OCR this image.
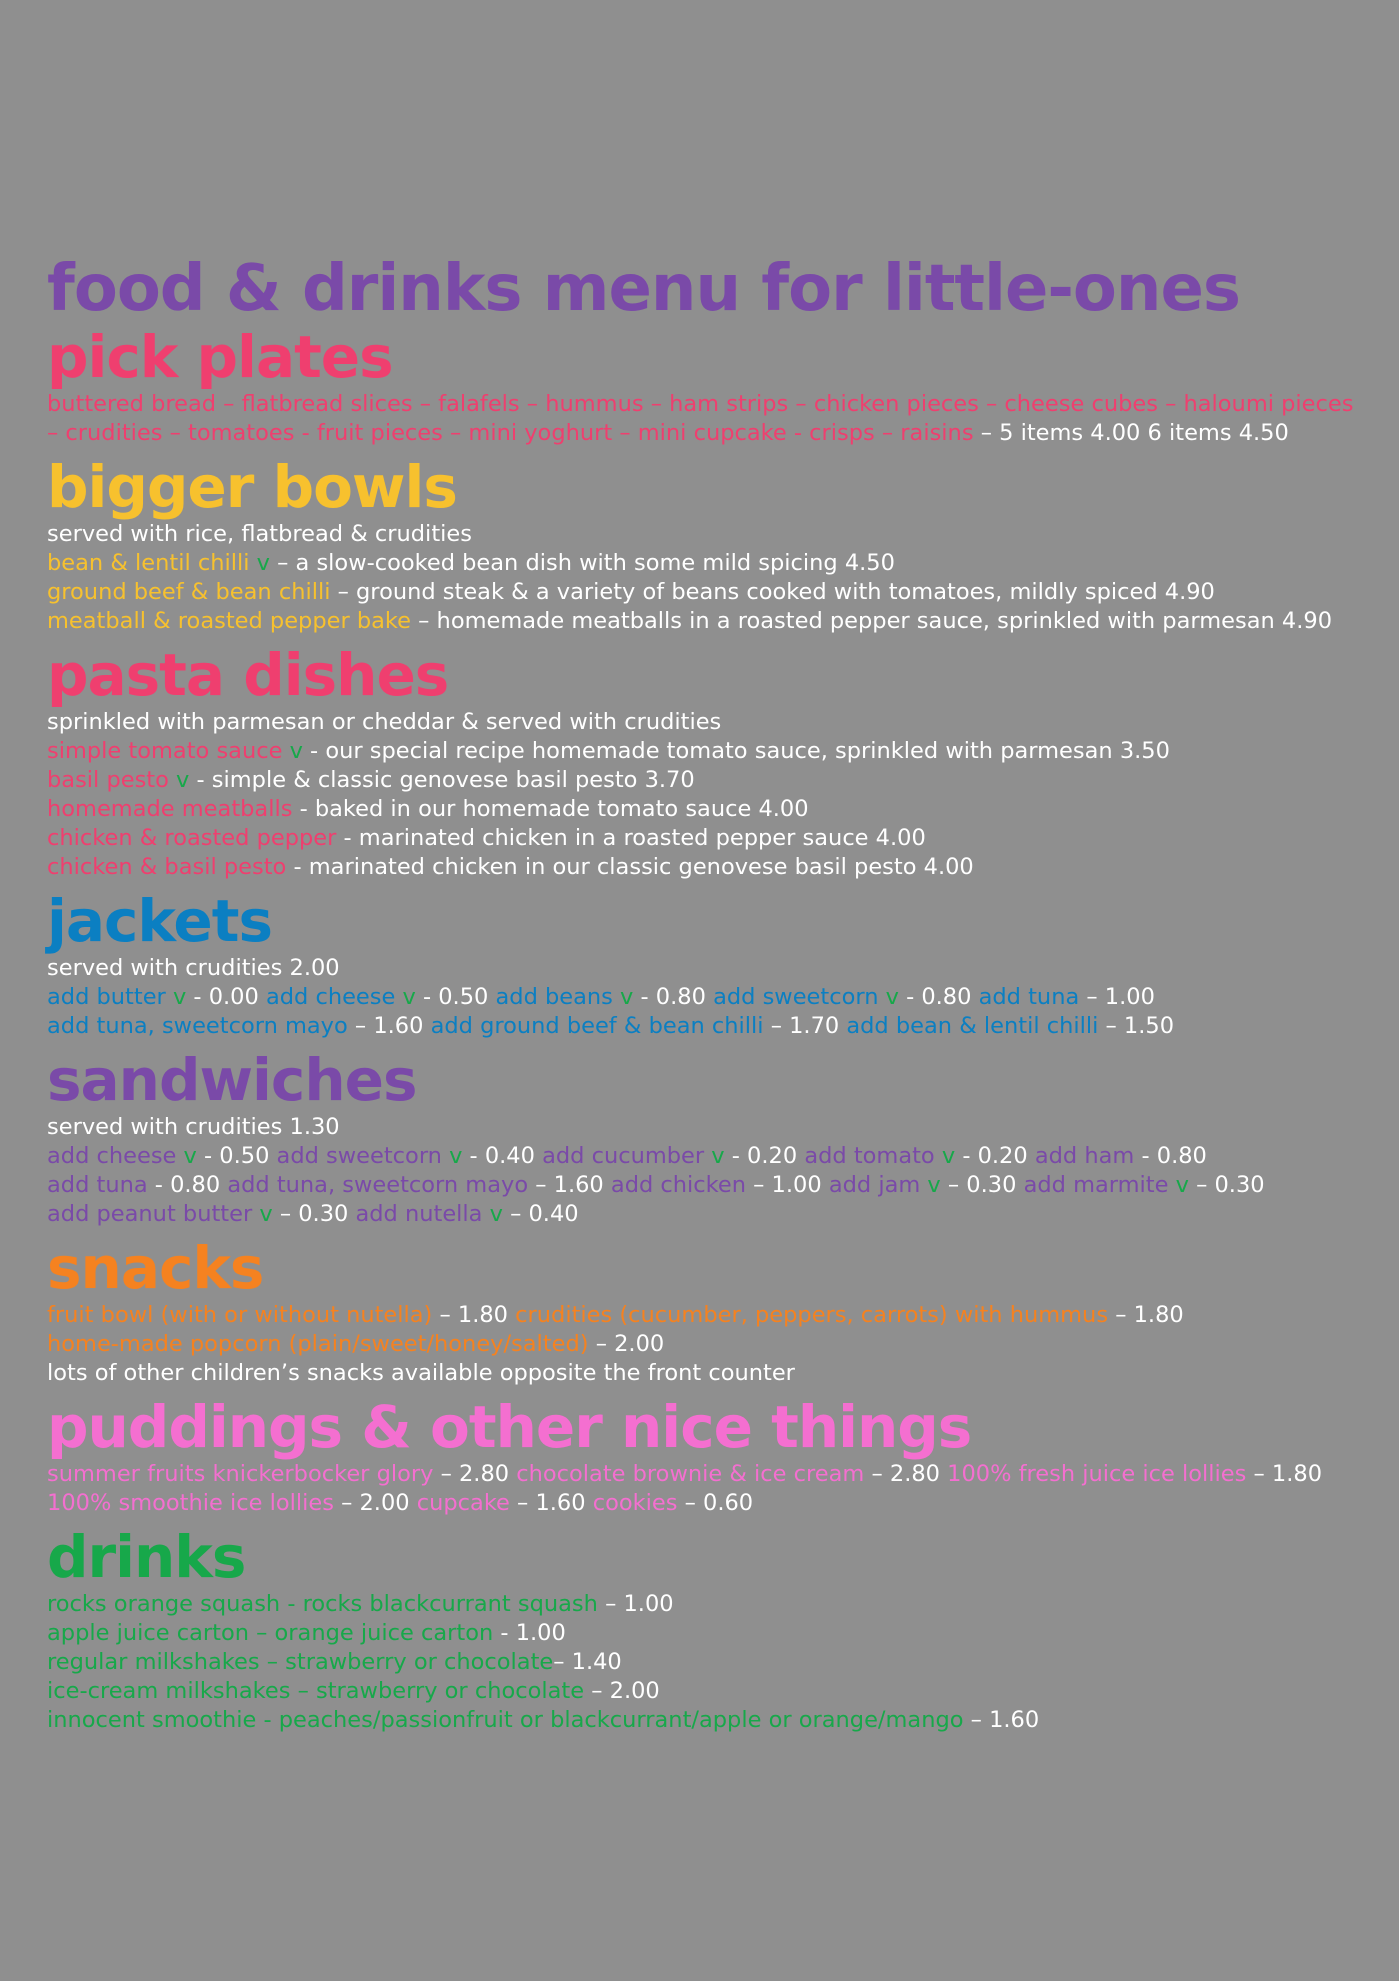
food & drinks menu for little-ones
pick plates

buttered bread – flatbread slices – falafels – hummus – ham strips – chicken pieces – cheese cubes – haloumi pieces – crudities – tomatoes - fruit pieces – mini yoghurt – mini cupcake - crisps – raisins – 5 items 4.00 6 items 4.50

bigger bowls

served with rice, flatbread & crudities

bean & lentil chilli v – a slow-cooked bean dish with some mild spicing 4.50

ground beef & bean chilli – ground steak & a variety of beans cooked with tomatoes, mildly spiced 4.90

meatball & roasted pepper bake – homemade meatballs in a roasted pepper sauce, sprinkled with parmesan 4.90

pasta dishes

sprinkled with parmesan or cheddar & served with crudities

simple tomato sauce v - our special recipe homemade tomato sauce, sprinkled with parmesan 3.50

basil pesto v - simple & classic genovese basil pesto 3.70

homemade meatballs - baked in our homemade tomato sauce 4.00

chicken & roasted pepper - marinated chicken in a roasted pepper sauce 4.00

chicken & basil pesto - marinated chicken in our classic genovese basil pesto 4.00

jackets

served with crudities 2.00

add butter v - 0.00 add cheese v - 0.50 add beans v - 0.80 add sweetcorn v - 0.80 add tuna – 1.00

add tuna, sweetcorn mayo – 1.60 add ground beef & bean chilli – 1.70 add bean & lentil chilli – 1.50

sandwiches

served with crudities 1.30

add cheese v - 0.50 add sweetcorn v - 0.40 add cucumber v - 0.20 add tomato v - 0.20 add ham - 0.80

add tuna - 0.80 add tuna, sweetcorn mayo – 1.60 add chicken – 1.00 add jam v – 0.30 add marmite v – 0.30

add peanut butter v – 0.30 add nutella v – 0.40

snacks

fruit bowl (with or without nutella) – 1.80 crudities (cucumber, peppers, carrots) with hummus – 1.80

home-made popcorn (plain/sweet/honey/salted) – 2.00

lots of other children’s snacks available opposite the front counter

puddings & other nice things

summer fruits knickerbocker glory – 2.80 chocolate brownie & ice cream – 2.80 100% fresh juice ice lollies – 1.80 100% smoothie ice lollies – 2.00 cupcake – 1.60 cookies – 0.60

drinks

rocks orange squash - rocks blackcurrant squash – 1.00

apple juice carton – orange juice carton - 1.00

regular milkshakes – strawberry or chocolate– 1.40

ice-cream milkshakes – strawberry or chocolate – 2.00

innocent smoothie - peaches/passionfruit or blackcurrant/apple or orange/mango – 1.60
